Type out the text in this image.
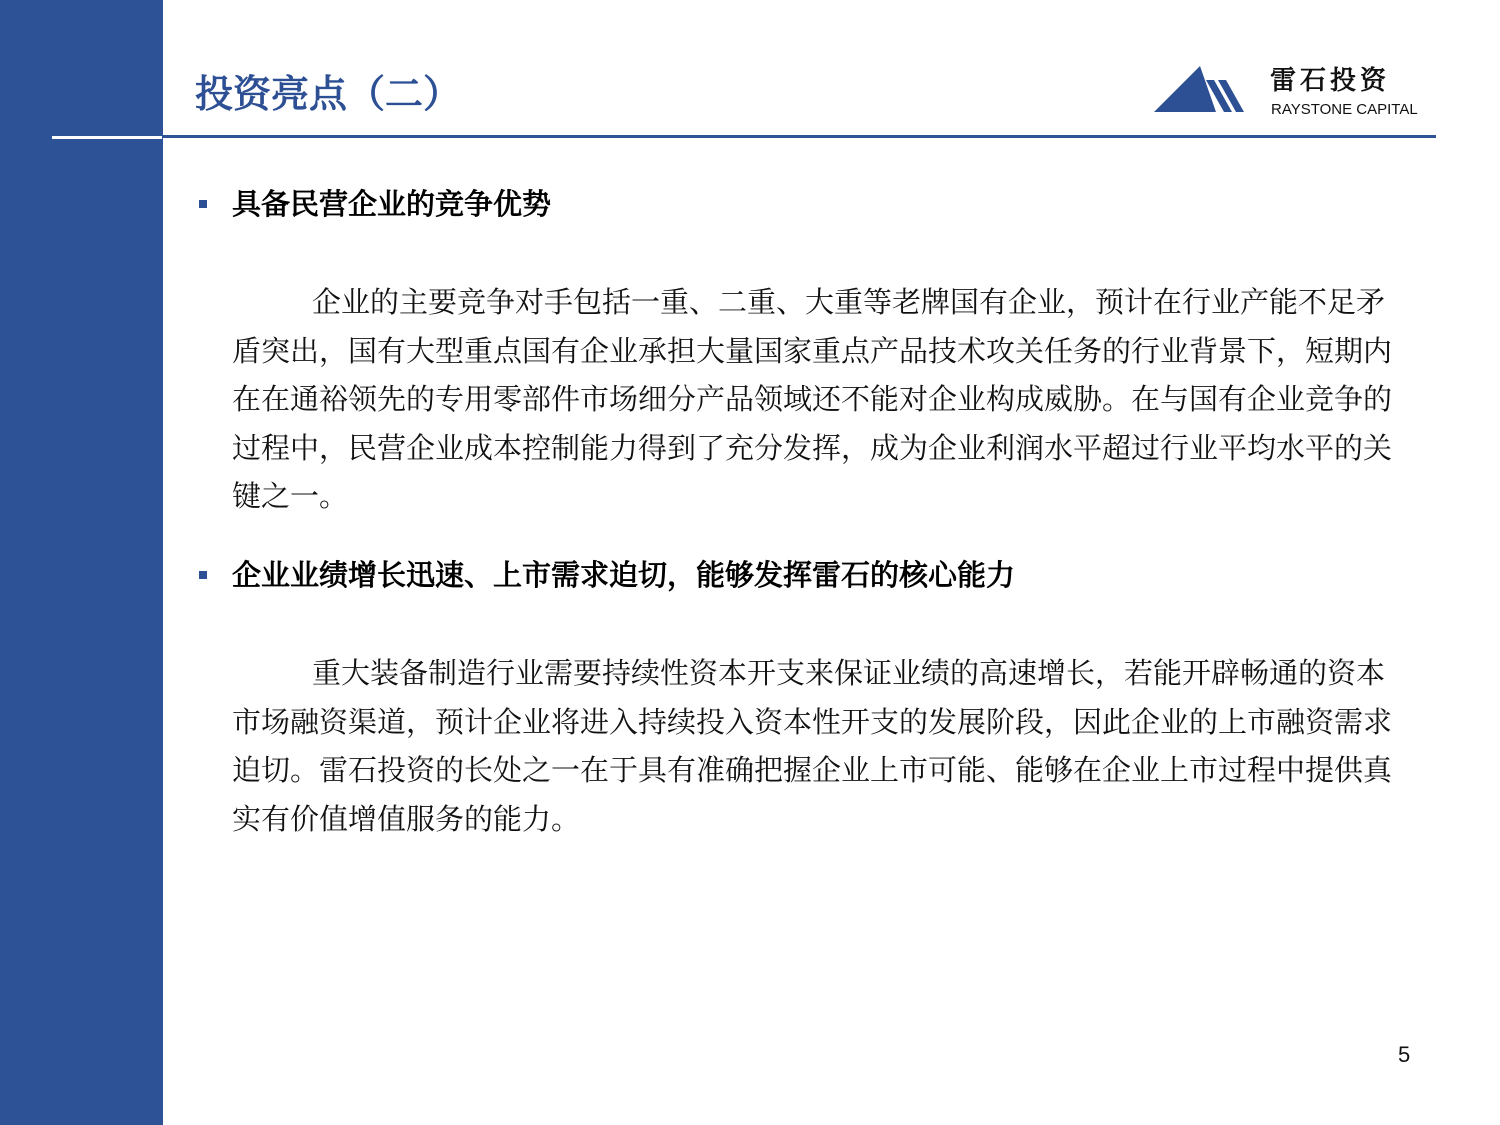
投资亮点（二）	雷石投资
RAYSTONE CAPITAL
具备民营企业的竞争优势
企业的主要竞争对手包括一重、二重、大重等老牌国有企业，预计在行业产能不足矛盾突出，国有大型重点国有企业承担大量国家重点产品技术攻关任务的行业背景下，短期内在在通裕领先的专用零部件市场细分产品领域还不能对企业构成威胁。在与国有企业竞争的过程中，民营企业成本控制能力得到了充分发挥，成为企业利润水平超过行业平均水平的关键之一。
企业业绩增长迅速、上市需求迫切，能够发挥雷石的核心能力
重大装备制造行业需要持续性资本开支来保证业绩的高速增长，若能开辟畅通的资本市场融资渠道，预计企业将进入持续投入资本性开支的发展阶段，因此企业的上市融资需求迫切。雷石投资的长处之一在于具有准确把握企业上市可能、能够在企业上市过程中提供真实有价值增值服务的能力。
5
